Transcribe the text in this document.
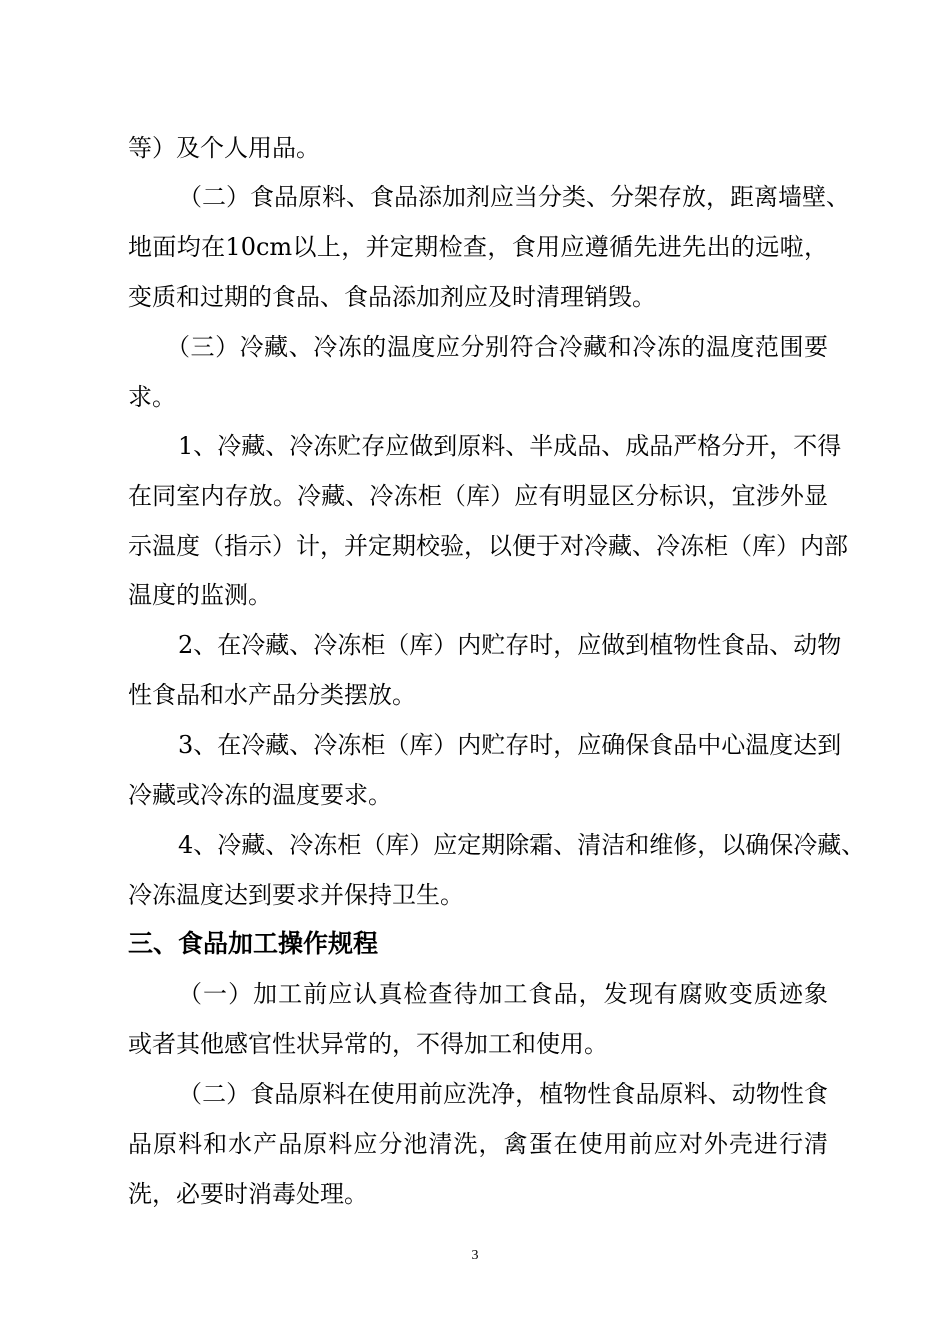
等）及个人用品。
（二）食品原料、食品添加剂应当分类、分架存放，距离墙壁、
地面均在10cm以上，并定期检查，食用应遵循先进先出的远啦，
变质和过期的食品、食品添加剂应及时清理销毁。
（三）冷藏、冷冻的温度应分别符合冷藏和冷冻的温度范围要
求。
1、冷藏、冷冻贮存应做到原料、半成品、成品严格分开，不得
在同室内存放。冷藏、冷冻柜（库）应有明显区分标识，宜涉外显
示温度（指示）计，并定期校验，以便于对冷藏、冷冻柜（库）内部
温度的监测。
2、在冷藏、冷冻柜（库）内贮存时，应做到植物性食品、动物
性食品和水产品分类摆放。
3、在冷藏、冷冻柜（库）内贮存时，应确保食品中心温度达到
冷藏或冷冻的温度要求。
4、冷藏、冷冻柜（库）应定期除霜、清洁和维修，以确保冷藏、
冷冻温度达到要求并保持卫生。
三、食品加工操作规程
（一）加工前应认真检查待加工食品，发现有腐败变质迹象
或者其他感官性状异常的，不得加工和使用。
（二）食品原料在使用前应洗净，植物性食品原料、动物性食
品原料和水产品原料应分池清洗，禽蛋在使用前应对外壳进行清
洗，必要时消毒处理。
3
